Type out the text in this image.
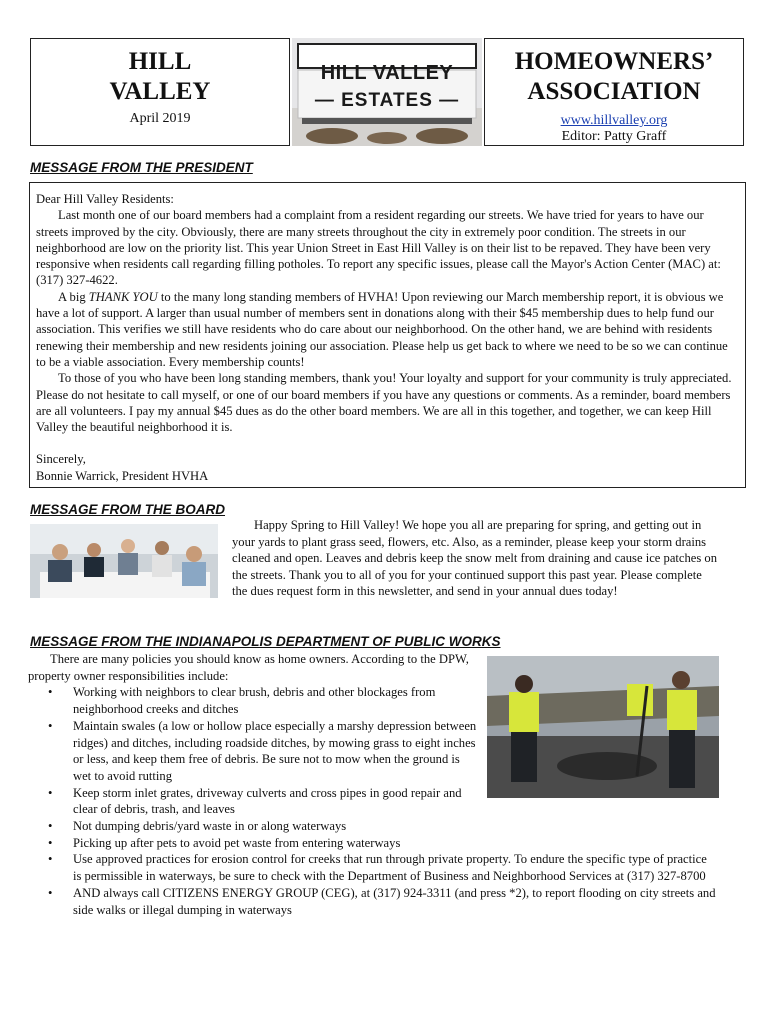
HILL
VALLEY
April 2019
HILL VALLEY
— ESTATES —
HOMEOWNERS’
ASSOCIATION
www.hillvalley.org
Editor: Patty Graff
MESSAGE FROM THE PRESIDENT

Dear Hill Valley Residents:

Last month one of our board members had a complaint from a resident regarding our streets. We have tried for years to have our streets improved by the city. Obviously, there are many streets throughout the city in extremely poor condition. The streets in our neighborhood are low on the priority list. This year Union Street in East Hill Valley is on their list to be repaved. They have been very responsive when residents call regarding filling potholes. To report any specific issues, please call the Mayor's Action Center (MAC) at: (317) 327-4622.

A big THANK YOU to the many long standing members of HVHA! Upon reviewing our March membership report, it is obvious we have a lot of support. A larger than usual number of members sent in donations along with their $45 membership dues to help fund our association. This verifies we still have residents who do care about our neighborhood. On the other hand, we are behind with residents renewing their membership and new residents joining our association. Please help us get back to where we need to be so we can continue to be a viable association. Every membership counts!

To those of you who have been long standing members, thank you! Your loyalty and support for your community is truly appreciated. Please do not hesitate to call myself, or one of our board members if you have any questions or comments. As a reminder, board members are all volunteers. I pay my annual $45 dues as do the other board members. We are all in this together, and together, we can keep Hill Valley the beautiful neighborhood it is.

Sincerely,

Bonnie Warrick, President HVHA

MESSAGE FROM THE BOARD
Happy Spring to Hill Valley! We hope you all are preparing for spring, and getting out in your yards to plant grass seed, flowers, etc. Also, as a reminder, please keep your storm drains cleaned and open. Leaves and debris keep the snow melt from draining and cause ice patches on the streets. Thank you to all of you for your continued support this past year. Please complete the dues request form in this newsletter, and send in your annual dues today!
MESSAGE FROM THE INDIANAPOLIS DEPARTMENT OF PUBLIC WORKS
There are many policies you should know as home owners. According to the DPW, property owner responsibilities include:
• Working with neighbors to clear brush, debris and other blockages from neighborhood creeks and ditches
• Maintain swales (a low or hollow place especially a marshy depression between ridges) and ditches, including roadside ditches, by mowing grass to eight inches or less, and keep them free of debris. Be sure not to mow when the ground is wet to avoid rutting
• Keep storm inlet grates, driveway culverts and cross pipes in good repair and clear of debris, trash, and leaves
• Not dumping debris/yard waste in or along waterways
• Picking up after pets to avoid pet waste from entering waterways
• Use approved practices for erosion control for creeks that run through private property. To endure the specific type of practice is permissible in waterways, be sure to check with the Department of Business and Neighborhood Services at (317) 327-8700
• AND always call CITIZENS ENERGY GROUP (CEG), at (317) 924-3311 (and press *2), to report flooding on city streets and side walks or illegal dumping in waterways
